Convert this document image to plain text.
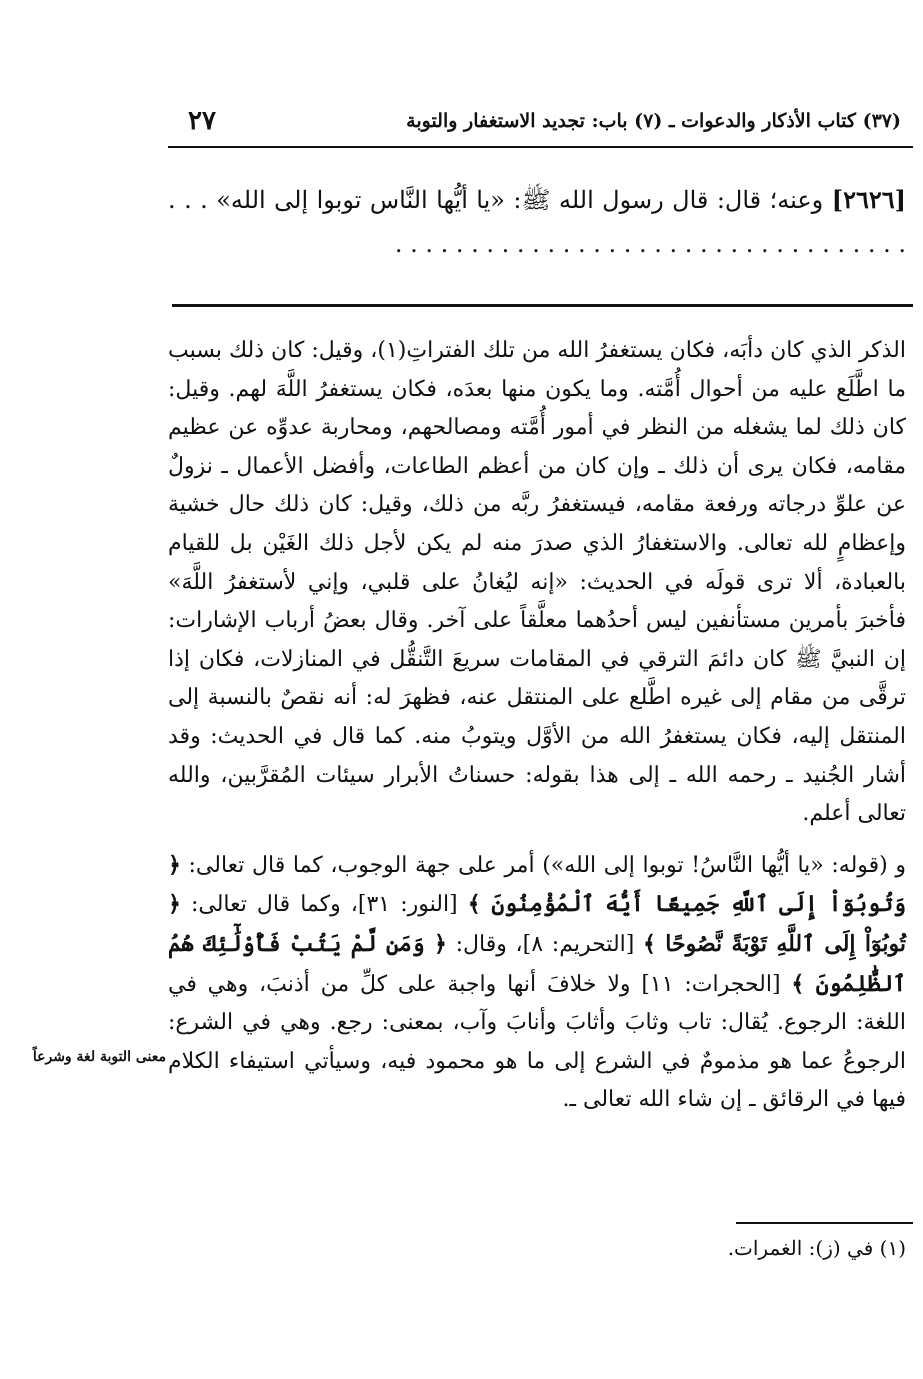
(٣٧) كتاب الأذكار والدعوات ـ (٧) باب: تجديد الاستغفار والتوبة
٢٧
[٢٦٢٦] وعنه؛ قال: قال رسول الله ﷺ: «يا أيُّها النَّاس توبوا إلى الله» . . . . . . . . . . . . . . . . . . . . . . . . . . . . . . . . . . . . .

الذكر الذي كان دأبَه، فكان يستغفرُ الله من تلك الفتراتِ(١)، وقيل: كان ذلك بسبب ما اطَّلَع عليه من أحوال أُمَّته. وما يكون منها بعدَه، فكان يستغفرُ اللَّهَ لهم. وقيل: كان ذلك لما يشغله من النظر في أمور أُمَّته ومصالحهم، ومحاربة عدوِّه عن عظيم مقامه، فكان يرى أن ذلك ـ وإن كان من أعظم الطاعات، وأفضل الأعمال ـ نزولٌ عن علوِّ درجاته ورفعة مقامه، فيستغفرُ ربَّه من ذلك، وقيل: كان ذلك حال خشية وإعظامٍ لله تعالى. والاستغفارُ الذي صدرَ منه لم يكن لأجل ذلك الغَيْن بل للقيام بالعبادة، ألا ترى قولَه في الحديث: «إنه ليُغانُ على قلبي، وإني لأستغفرُ اللَّهَ» فأخبرَ بأمرين مستأنفين ليس أحدُهما معلَّقاً على آخر. وقال بعضُ أرباب الإشارات: إن النبيَّ ﷺ كان دائمَ الترقي في المقامات سريعَ التَّنقُّل في المنازلات، فكان إذا ترقَّى من مقام إلى غيره اطَّلع على المنتقل عنه، فظهرَ له: أنه نقصٌ بالنسبة إلى المنتقل إليه، فكان يستغفرُ الله من الأوَّل ويتوبُ منه. كما قال في الحديث: وقد أشار الجُنيد ـ رحمه الله ـ إلى هذا بقوله: حسناتُ الأبرار سيئات المُقرَّبين، والله تعالى أعلم.

و (قوله: «يا أيُّها النَّاسُ! توبوا إلى الله») أمر على جهة الوجوب، كما قال تعالى: ﴿ وَتُوبُوٓاْ إِلَى ٱللَّهِ جَمِيعًا أَيُّهَ ٱلْمُؤْمِنُونَ ﴾ [النور: ٣١]، وكما قال تعالى: ﴿ تُوبُوٓاْ إِلَى ٱللَّهِ تَوْبَةً نَّصُوحًا ﴾ [التحريم: ٨]، وقال: ﴿ وَمَن لَّمْ يَتُبْ فَأُوْلَٰٓئِكَ هُمُ ٱلظَّٰلِمُونَ ﴾ [الحجرات: ١١] ولا خلافَ أنها واجبة على كلِّ من أذنبَ، وهي في اللغة: الرجوع. يُقال: تاب وثابَ وأثابَ وأنابَ وآب، بمعنى: رجع. وهي في الشرع: الرجوعُ عما هو مذمومٌ في الشرع إلى ما هو محمود فيه، وسيأتي استيفاء الكلام فيها في الرقائق ـ إن شاء الله تعالى ـ.

معنى التوبة لغة وشرعاً
(١) في (ز): الغمرات.
